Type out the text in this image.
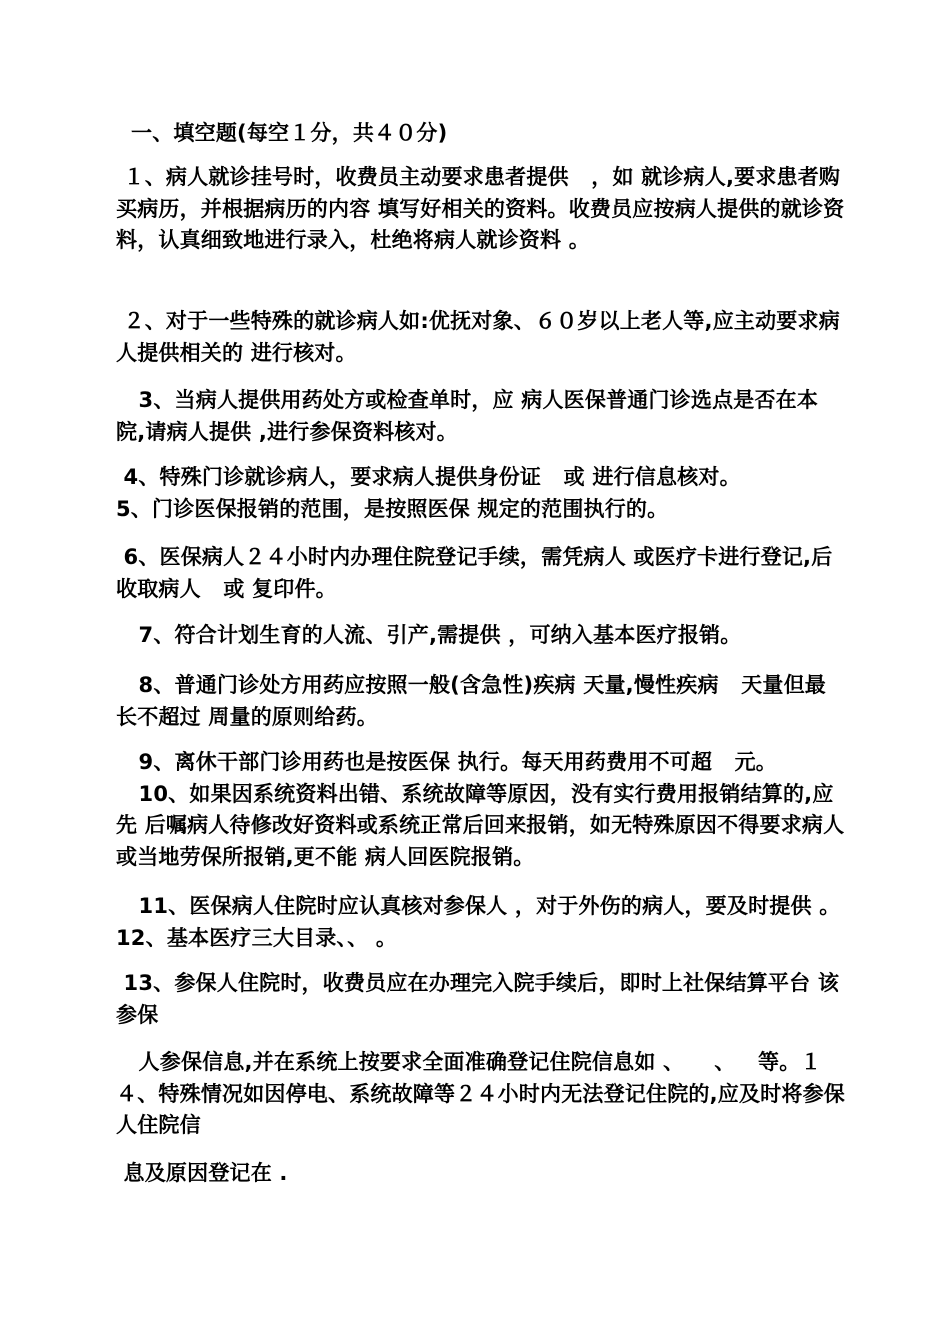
一、填空题(每空１分，共４０分)

１、病人就诊挂号时，收费员主动要求患者提供   ，如 就诊病人,要求患者购买病历，并根据病历的内容 填写好相关的资料。收费员应按病人提供的就诊资料，认真细致地进行录入，杜绝将病人就诊资料 。

２、对于一些特殊的就诊病人如:优抚对象、６０岁以上老人等,应主动要求病人提供相关的 进行核对。

3、当病人提供用药处方或检查单时，应 病人医保普通门诊选点是否在本院,请病人提供 ,进行参保资料核对。

4、特殊门诊就诊病人，要求病人提供身份证   或 进行信息核对。
5、门诊医保报销的范围，是按照医保 规定的范围执行的。

6、医保病人２４小时内办理住院登记手续，需凭病人 或医疗卡进行登记,后收取病人   或 复印件。

7、符合计划生育的人流、引产,需提供 ，可纳入基本医疗报销。

8、普通门诊处方用药应按照一般(含急性)疾病 天量,慢性疾病   天量但最长不超过 周量的原则给药。

9、离休干部门诊用药也是按医保 执行。每天用药费用不可超   元。
10、如果因系统资料出错、系统故障等原因，没有实行费用报销结算的,应先 后嘱病人待修改好资料或系统正常后回来报销，如无特殊原因不得要求病人   或当地劳保所报销,更不能 病人回医院报销。

11、医保病人住院时应认真核对参保人 ，对于外伤的病人，要及时提供 。12、基本医疗三大目录、、 。

13、参保人住院时，收费员应在办理完入院手续后，即时上社保结算平台 该参保

人参保信息,并在系统上按要求全面准确登记住院信息如 、    、   等。１４、特殊情况如因停电、系统故障等２４小时内无法登记住院的,应及时将参保人住院信

息及原因登记在 .
